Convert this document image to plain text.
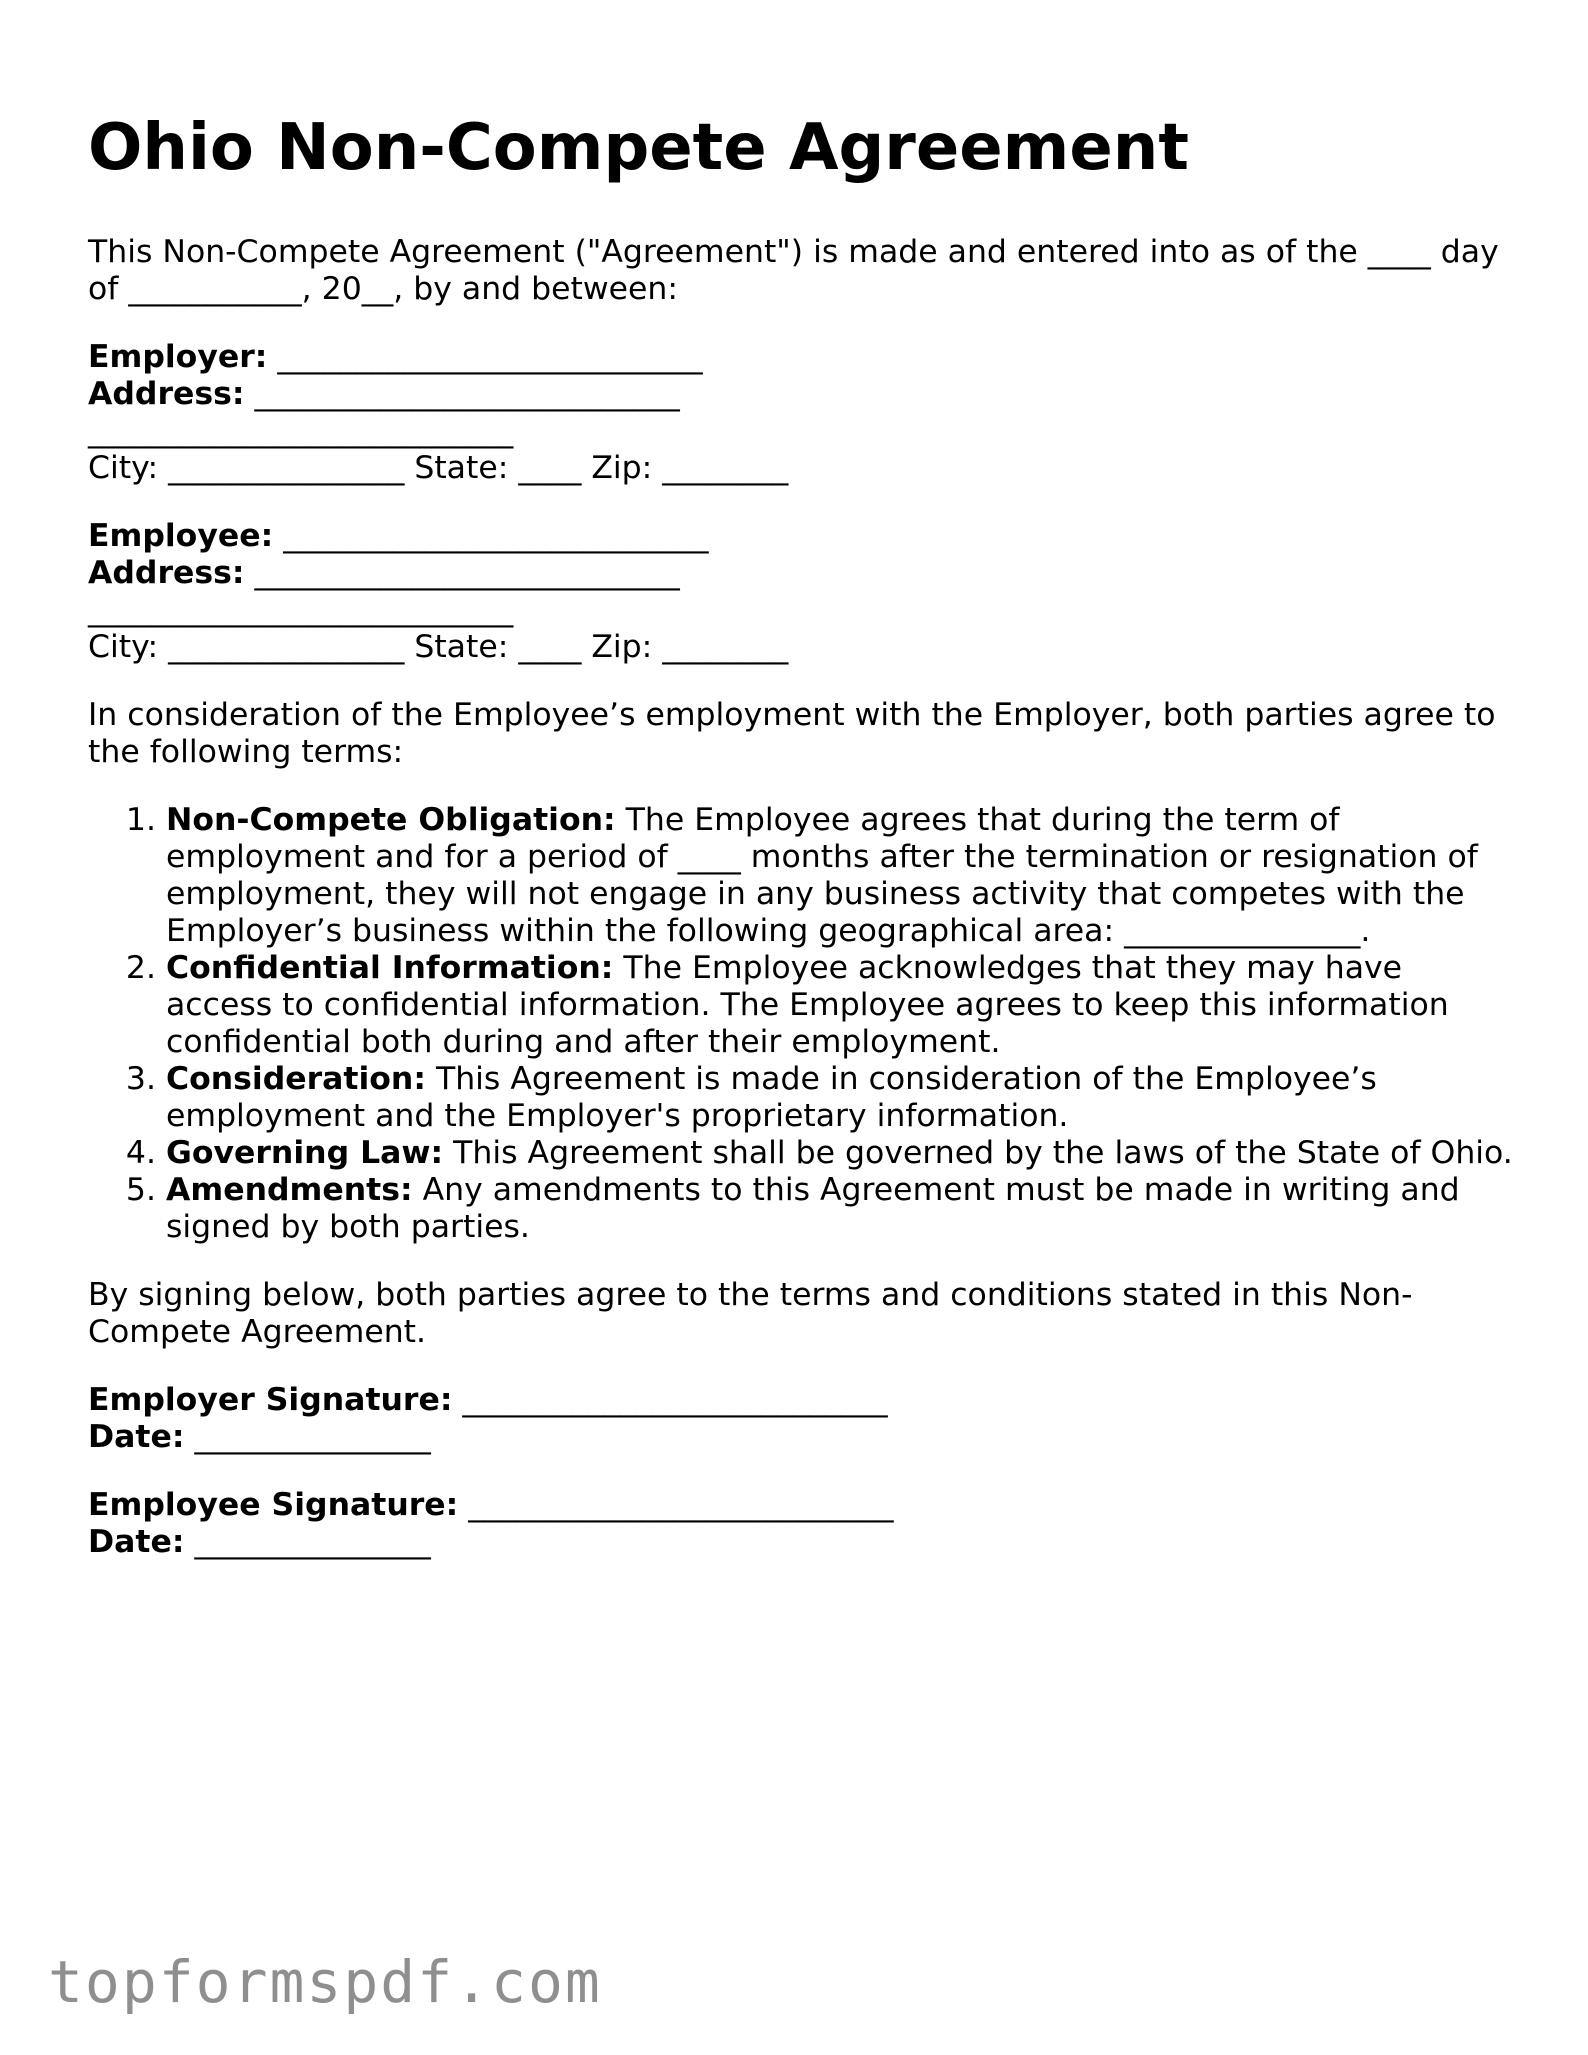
Ohio Non-Compete Agreement

This Non-Compete Agreement ("Agreement") is made and entered into as of the ____ day of ___________, 20__, by and between:

Employer: ___________________________
Address: ___________________________
___________________________
City: _______________ State: ____ Zip: ________
Employee: ___________________________
Address: ___________________________
___________________________
City: _______________ State: ____ Zip: ________

In consideration of the Employee’s employment with the Employer, both parties agree to the following terms:

1. Non-Compete Obligation: The Employee agrees that during the term of employment and for a period of ____ months after the termination or resignation of employment, they will not engage in any business activity that competes with the Employer’s business within the following geographical area: _______________.
2. Confidential Information: The Employee acknowledges that they may have access to confidential information. The Employee agrees to keep this information confidential both during and after their employment.
3. Consideration: This Agreement is made in consideration of the Employee’s employment and the Employer's proprietary information.
4. Governing Law: This Agreement shall be governed by the laws of the State of Ohio.
5. Amendments: Any amendments to this Agreement must be made in writing and signed by both parties.

By signing below, both parties agree to the terms and conditions stated in this Non-Compete Agreement.

Employer Signature: ___________________________
Date: _______________
Employee Signature: ___________________________
Date: _______________
topformspdf.com
